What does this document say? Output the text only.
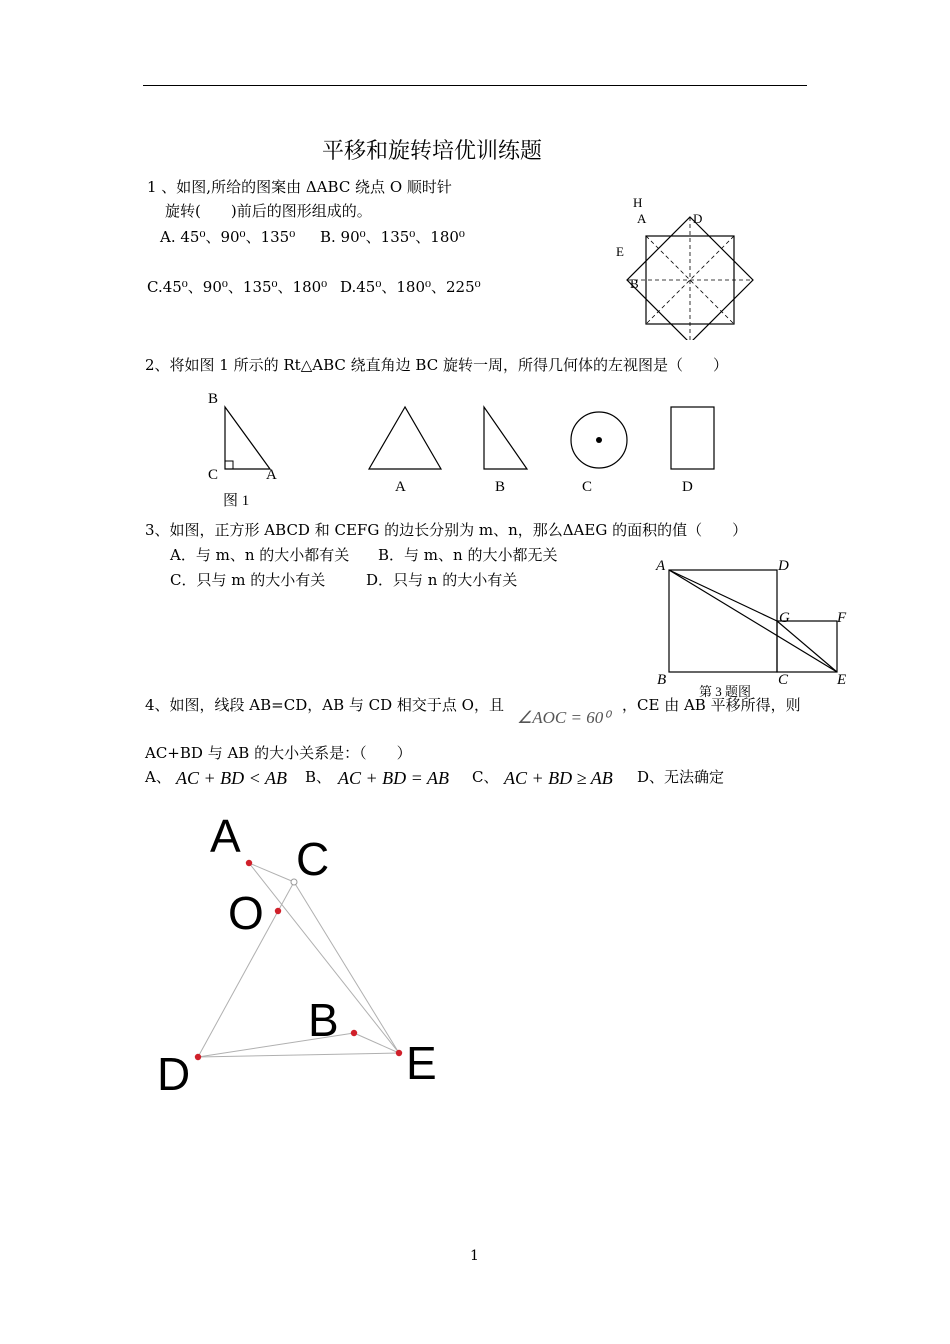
平移和旋转培优训练题
1 、如图,所给的图案由 ΔABC 绕点 O 顺时针
旋转(　　)前后的图形组成的。
A. 45⁰、90⁰、135⁰ B. 90⁰、135⁰、180⁰
C.45⁰、90⁰、135⁰、180⁰ D.45⁰、180⁰、225⁰
H
A	D
E
B
2、将如图 1 所示的 Rt△ABC 绕直角边 BC 旋转一周，所得几何体的左视图是（　　）
B
C	A
图 1
A	B	C	D
3、如图，正方形 ABCD 和 CEFG 的边长分别为 m、n，那么ΔAEG 的面积的值（　　）
A．与 m、n 的大小都有关 B．与 m、n 的大小都无关
C．只与 m 的大小有关	D．只与 n 的大小有关
A	D
G	F
B	C	E
第 3 题图
4、如图，线段 AB=CD，AB 与 CD 相交于点 O，且
∠AOC = 60⁰
，CE 由 AB 平移所得，则
AC+BD 与 AB 的大小关系是：（　　）
A、 AC + BD < AB B、 AC + BD = AB C、 AC + BD ≥ AB D、无法确定
A C
O
B
D	E
1
